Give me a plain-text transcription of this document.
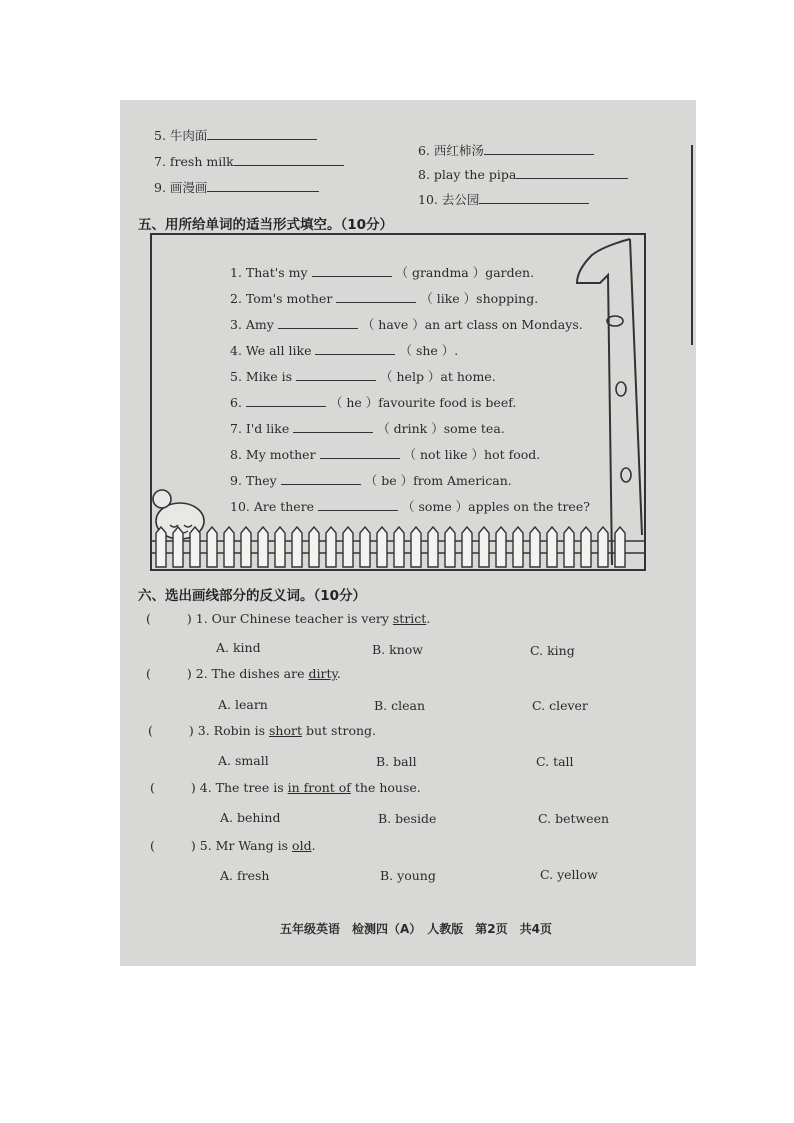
5. 牛肉面
6. 西红柿汤
7. fresh milk
8. play the pipa
9. 画漫画
10. 去公园
五、用所给单词的适当形式填空。（10分）
1. That's my	（ grandma ）garden.
2. Tom's mother	（ like ）shopping.
3. Amy	（ have ）an art class on Mondays.
4. We all like	（ she ）.
5. Mike is	（ help ）at home.
6.	（ he ）favourite food is beef.
7. I'd like	（ drink ）some tea.
8. My mother	（ not like ）hot food.
9. They	（ be ）from American.
10. Are there	（ some ）apples on the tree?
六、选出画线部分的反义词。（10分）
(	) 1. Our Chinese teacher is very strict.
A. kind	B. know	C. king
(	) 2. The dishes are dirty.
A. learn	B. clean	C. clever
(	) 3. Robin is short but strong.
A. small	B. ball	C. tall
(	) 4. The tree is in front of the house.
A. behind	B. beside	C. between
(	) 5. Mr Wang is old.
A. fresh	B. young	C. yellow
五年级英语　检测四（A）　人教版　第2页　共4页
